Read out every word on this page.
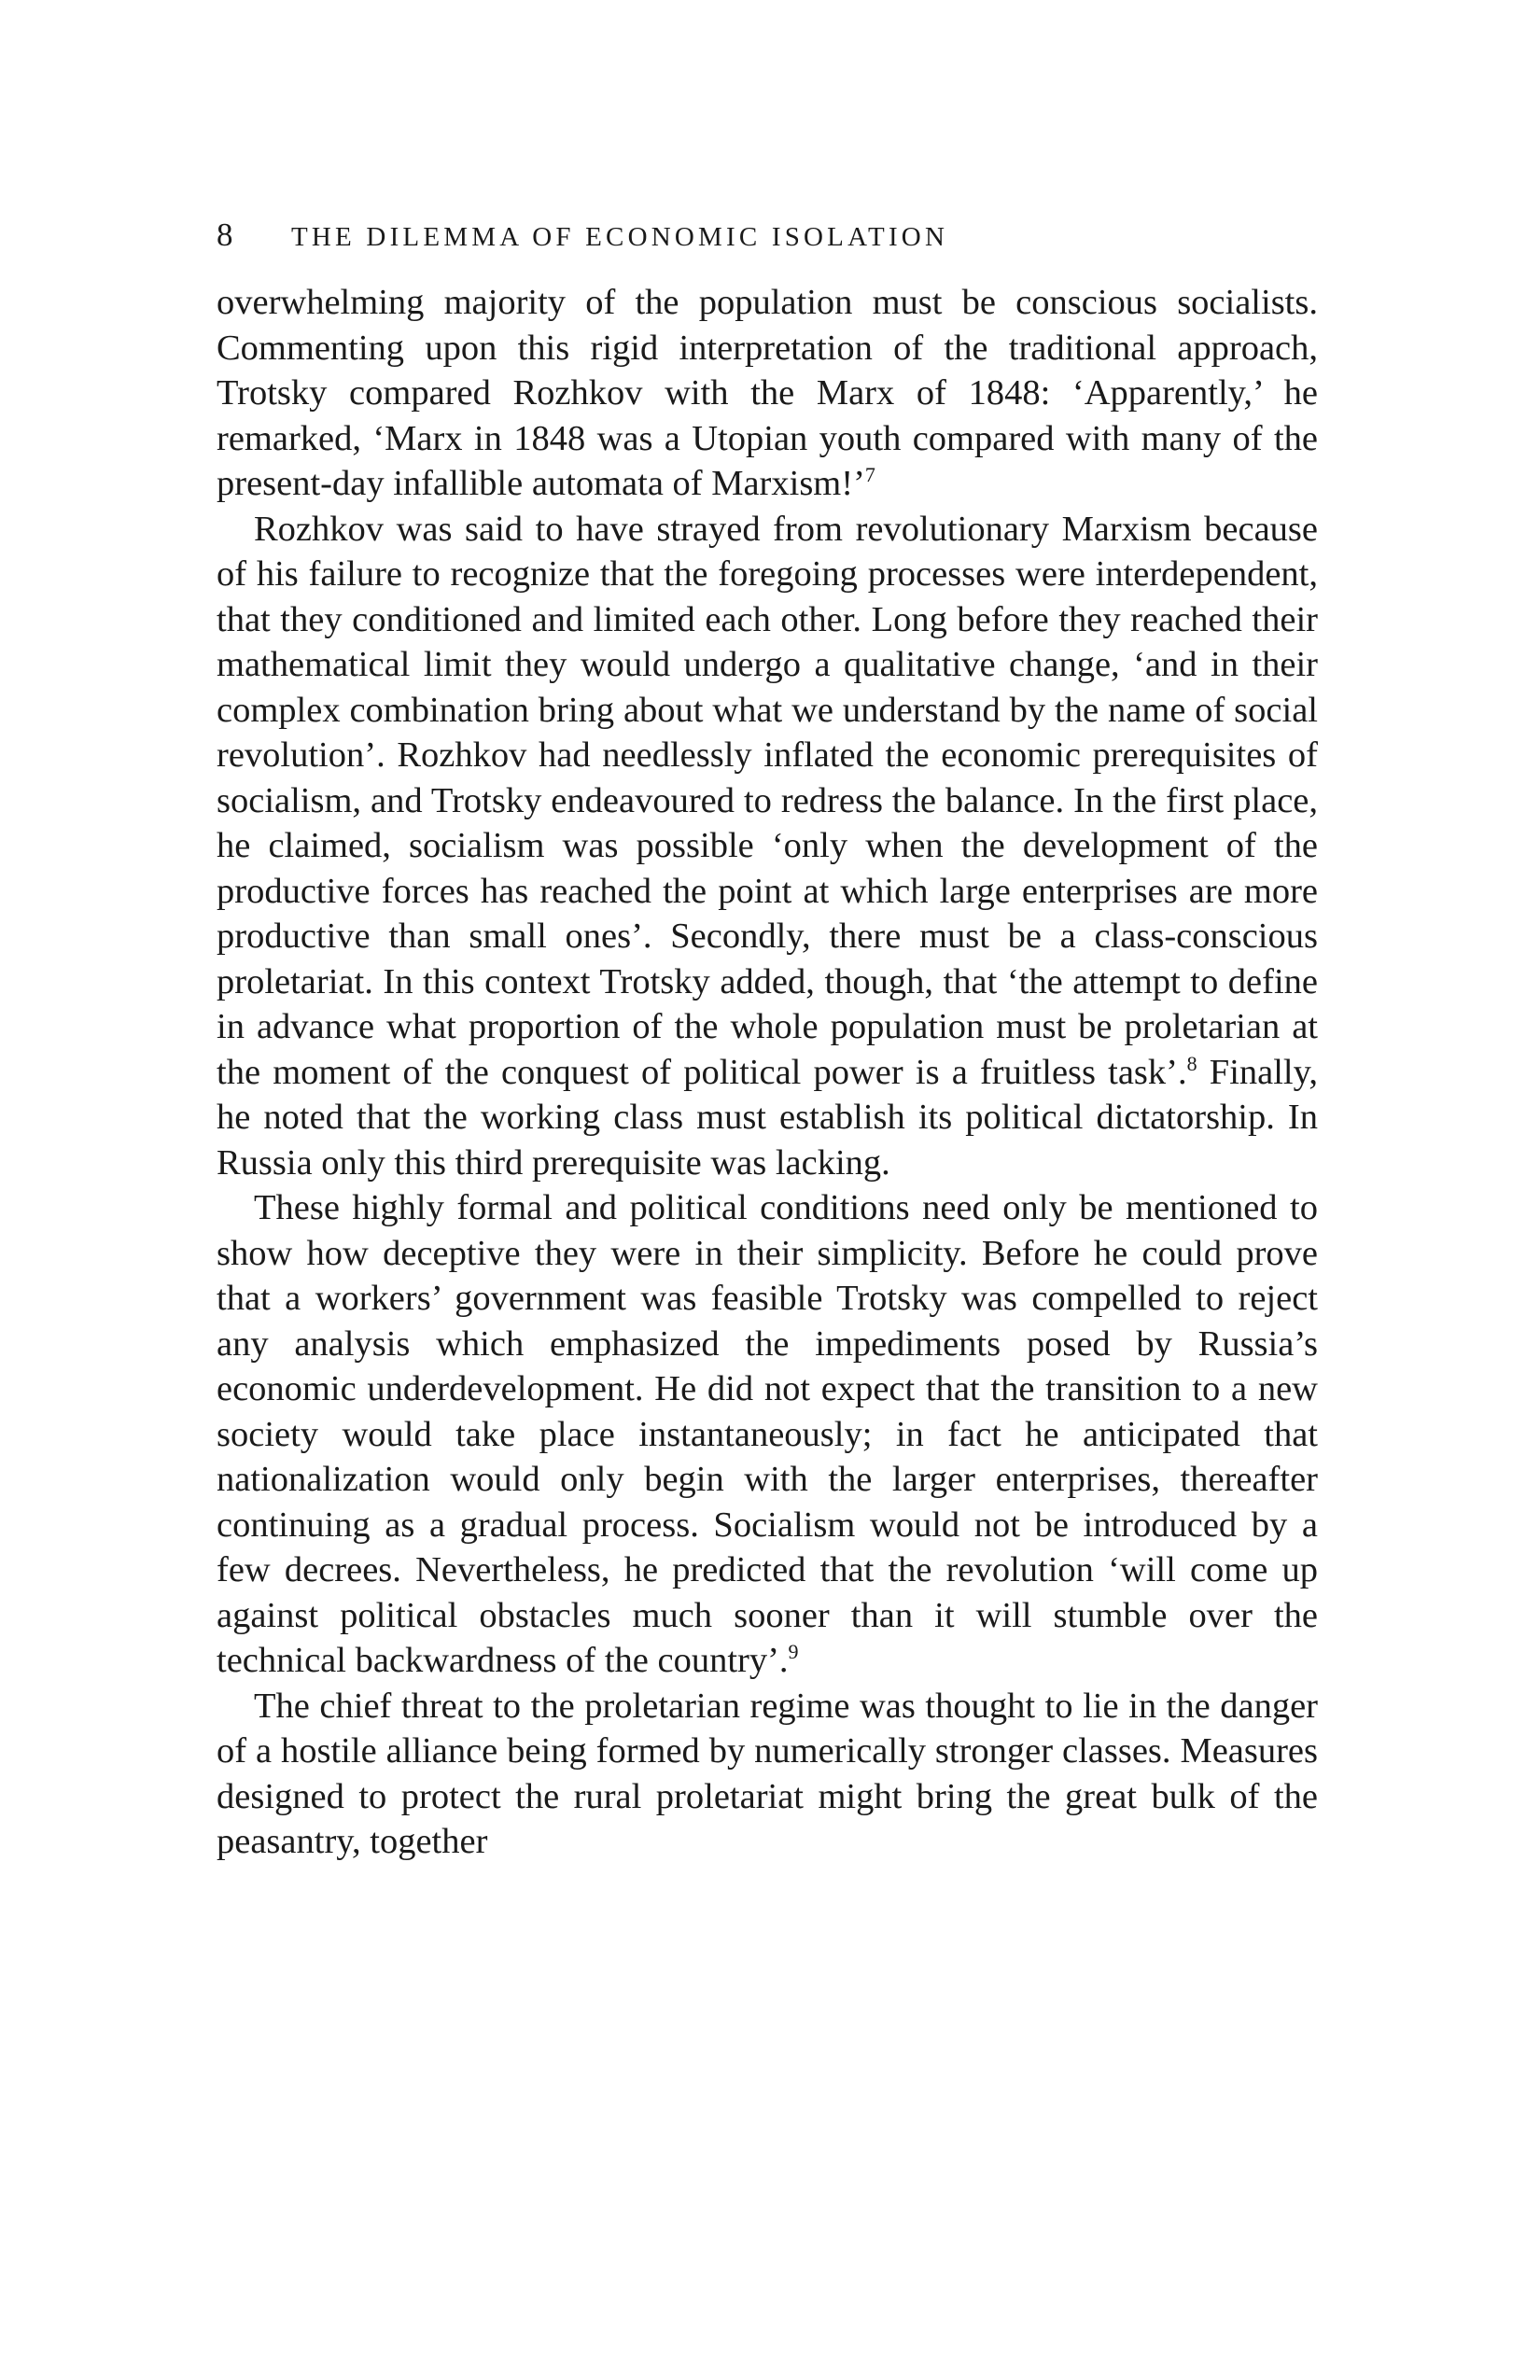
8	THE DILEMMA OF ECONOMIC ISOLATION

overwhelming majority of the population must be conscious socialists. Commenting upon this rigid interpretation of the traditional approach, Trotsky compared Rozhkov with the Marx of 1848: ‘Apparently,’ he remarked, ‘Marx in 1848 was a Utopian youth compared with many of the present-day infallible automata of Marxism!’$^7$

Rozhkov was said to have strayed from revolutionary Marxism because of his failure to recognize that the foregoing processes were interdependent, that they conditioned and limited each other. Long before they reached their mathematical limit they would undergo a qualitative change, ‘and in their complex combination bring about what we understand by the name of social revolution’. Rozhkov had needlessly inflated the economic prerequisites of socialism, and Trotsky endeavoured to redress the balance. In the first place, he claimed, socialism was possible ‘only when the development of the productive forces has reached the point at which large enterprises are more productive than small ones’. Secondly, there must be a class-conscious proletariat. In this context Trotsky added, though, that ‘the attempt to define in advance what proportion of the whole population must be proletarian at the moment of the conquest of political power is a fruitless task’.$^8$ Finally, he noted that the working class must establish its political dictatorship. In Russia only this third prerequisite was lacking.

These highly formal and political conditions need only be mentioned to show how deceptive they were in their simplicity. Before he could prove that a workers’ government was feasible Trotsky was compelled to reject any analysis which emphasized the impediments posed by Russia’s economic underdevelopment. He did not expect that the transition to a new society would take place instantaneously; in fact he anticipated that nationalization would only begin with the larger enterprises, thereafter continuing as a gradual process. Socialism would not be introduced by a few decrees. Nevertheless, he predicted that the revolution ‘will come up against political obstacles much sooner than it will stumble over the technical backwardness of the country’.$^9$

The chief threat to the proletarian regime was thought to lie in the danger of a hostile alliance being formed by numerically stronger classes. Measures designed to protect the rural proletariat might bring the great bulk of the peasantry, together
